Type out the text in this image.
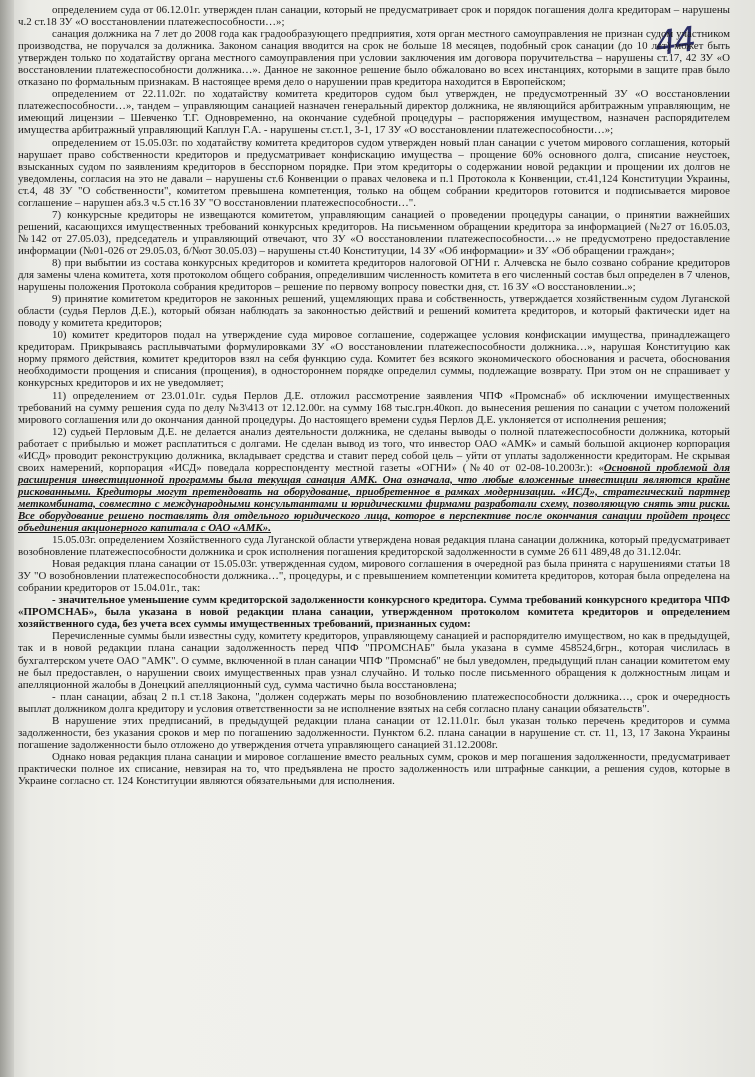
44

определением суда от 06.12.01г. утвержден план санации, который не предусматривает срок и порядок погашения долга кредиторам – нарушены ч.2 ст.18 ЗУ «О восстановлении платежеспособности…»;

санация должника на 7 лет до 2008 года как градообразующего предприятия, хотя орган местного самоуправления не признан судом участником производства, не поручался за должника. Законом санация вводится на срок не больше 18 месяцев, подобный срок санации (до 10 лет) может быть утвержден только по ходатайству органа местного самоуправления при условии заключения им договора поручительства – нарушены ст.17, 42 ЗУ «О восстановлении платежеспособности должника…». Данное не законное решение было обжаловано во всех инстанциях, которыми в защите прав было отказано по формальным признакам. В настоящее время дело о нарушении прав кредитора находится в Европейском;

определением от 22.11.02г. по ходатайству комитета кредиторов судом был утвержден, не предусмотренный ЗУ «О восстановлении платежеспособности…», тандем – управляющим санацией назначен генеральный директор должника, не являющийся арбитражным управляющим, не имеющий лицензии – Шевченко Т.Г. Одновременно, на окончание судебной процедуры – распоряжения имуществом, назначен распорядителем имущества арбитражный управляющий Каплун Г.А. - нарушены ст.ст.1, 3-1, 17 ЗУ «О восстановлении платежеспособности…»;

определением от 15.05.03г. по ходатайству комитета кредиторов судом утвержден новый план санации с учетом мирового соглашения, который нарушает право собственности кредиторов и предусматривает конфискацию имущества – прощение 60% основного долга, списание неустоек, взысканных судом по заявлениям кредиторов в бесспорном порядке. При этом кредиторы о содержании новой редакции и прощении их долгов не уведомлены, согласия на это не давали – нарушены ст.6 Конвенции о правах человека и п.1 Протокола к Конвенции, ст.41,124 Конституции Украины, ст.4, 48 ЗУ "О собственности", комитетом превышена компетенция, только на общем собрании кредиторов готовится и подписывается мировое соглашение – нарушен абз.3 ч.5 ст.16 ЗУ "О восстановлении платежеспособности…".

7) конкурсные кредиторы не извещаются комитетом, управляющим санацией о проведении процедуры санации, о принятии важнейших решений, касающихся имущественных требований конкурсных кредиторов. На письменном обращении кредитора за информацией (№27 от 16.05.03, №142 от 27.05.03), председатель и управляющий отвечают, что ЗУ «О восстановлении платежеспособности…» не предусмотрено предоставление информации (№01-026 от 29.05.03, б/№от 30.05.03) – нарушены ст.40 Конституции, 14 ЗУ «Об информации» и ЗУ «Об обращении граждан»;

8) при выбытии из состава конкурсных кредиторов и комитета кредиторов налоговой ОГНИ г. Алчевска не было созвано собрание кредиторов для замены члена комитета, хотя протоколом общего собрания, определившим численность комитета в его численный состав был определен в 7 членов, нарушены положения Протокола собрания кредиторов – решение по первому вопросу повестки дня, ст. 16 ЗУ «О восстановлении..»;

9) принятие комитетом кредиторов не законных решений, ущемляющих права и собственность, утверждается хозяйственным судом Луганской области (судья Перлов Д.Е.), который обязан наблюдать за законностью действий и решений комитета кредиторов, и который фактически идет на поводу у комитета кредиторов;

10) комитет кредиторов подал на утверждение суда мировое соглашение, содержащее условия конфискации имущества, принадлежащего кредиторам. Прикрываясь расплывчатыми формулировками ЗУ «О восстановлении платежеспособности должника…», нарушая Конституцию как норму прямого действия, комитет кредиторов взял на себя функцию суда. Комитет без всякого экономического обоснования и расчета, обоснования необходимости прощения и списания (прощения), в одностороннем порядке определил суммы, подлежащие возврату. При этом он не спрашивает у конкурсных кредиторов и их не уведомляет;

11) определением от 23.01.01г. судья Перлов Д.Е. отложил рассмотрение заявления ЧПФ «Промснаб» об исключении имущественных требований на сумму решения суда по делу №3\413 от 12.12.00г. на сумму 168 тыс.грн.40коп. до вынесения решения по санации с учетом положений мирового соглашения или до окончания данной процедуры. До настоящего времени судья Перлов Д.Е. уклоняется от исполнения решения;

12) судьей Перловым Д.Е. не делается анализ деятельности должника, не сделаны выводы о полной платежеспособности должника, который работает с прибылью и может расплатиться с долгами. Не сделан вывод из того, что инвестор ОАО «АМК» и самый большой акционер корпорация «ИСД» проводит реконструкцию должника, вкладывает средства и ставит перед собой цель – уйти от уплаты задолженности кредиторам. Не скрывая своих намерений, корпорация «ИСД» поведала корреспонденту местной газеты «ОГНИ» (№40 от 02-08-10.2003г.): «Основной проблемой для расширения инвестиционной программы была текущая санация АМК. Она означала, что любые вложенные инвестиции являются крайне рискованными. Кредиторы могут претендовать на оборудование, приобретенное в рамках модернизации. «ИСД», стратегический партнер меткомбината, совместно с международными консультантами и юридическими фирмами разработали схему, позволяющую снять эти риски. Все оборудование решено поставлять для отдельного юридического лица, которое в перспективе после окончания санации пройдет процесс объединения акционерного капитала с ОАО «АМК».

15.05.03г. определением Хозяйственного суда Луганской области утверждена новая редакция плана санации должника, который предусматривает возобновление платежеспособности должника и срок исполнения погашения кредиторской задолженности в сумме 26 611 489,48 до 31.12.04г.

Новая редакция плана санации от 15.05.03г. утвержденная судом, мирового соглашения в очередной раз была принята с нарушениями статьи 18 ЗУ "О возобновлении платежеспособности должника…", процедуры, и с превышением компетенции комитета кредиторов, которая была определена на собрании кредиторов от 15.04.01г., так:

- значительное уменьшение сумм кредиторской задолженности конкурсного кредитора. Сумма требований конкурсного кредитора ЧПФ «ПРОМСНАБ», была указана в новой редакции плана санации, утвержденном протоколом комитета кредиторов и определением хозяйственного суда, без учета всех суммы имущественных требований, признанных судом:

Перечисленные суммы были известны суду, комитету кредиторов, управляющему санацией и распорядителю имуществом, но как в предыдущей, так и в новой редакции плана санации задолженность перед ЧПФ "ПРОМСНАБ" была указана в сумме 458524,6грн., которая числилась в бухгалтерском учете ОАО "АМК". О сумме, включенной в план санации ЧПФ "Промснаб" не был уведомлен, предыдущий план санации комитетом ему не был предоставлен, о нарушении своих имущественных прав узнал случайно. И только после письменного обращения к должностным лицам и апелляционной жалобы в Донецкий апелляционный суд, сумма частично была восстановлена;

- план санации, абзац 2 п.1 ст.18 Закона, "должен содержать меры по возобновлению платежеспособности должника…, срок и очередность выплат должником долга кредитору и условия ответственности за не исполнение взятых на себя согласно плану санации обязательств".

В нарушение этих предписаний, в предыдущей редакции плана санации от 12.11.01г. был указан только перечень кредиторов и сумма задолженности, без указания сроков и мер по погашению задолженности. Пунктом 6.2. плана санации в нарушение ст. ст. 11, 13, 17 Закона Украины погашение задолженности было отложено до утверждения отчета управляющего санацией 31.12.2008г.

Однако новая редакция плана санации и мировое соглашение вместо реальных сумм, сроков и мер погашения задолженности, предусматривает практически полное их списание, невзирая на то, что предъявлена не просто задолженность или штрафные санкции, а решения судов, которые в Украине согласно ст. 124 Конституции являются обязательными для исполнения.
